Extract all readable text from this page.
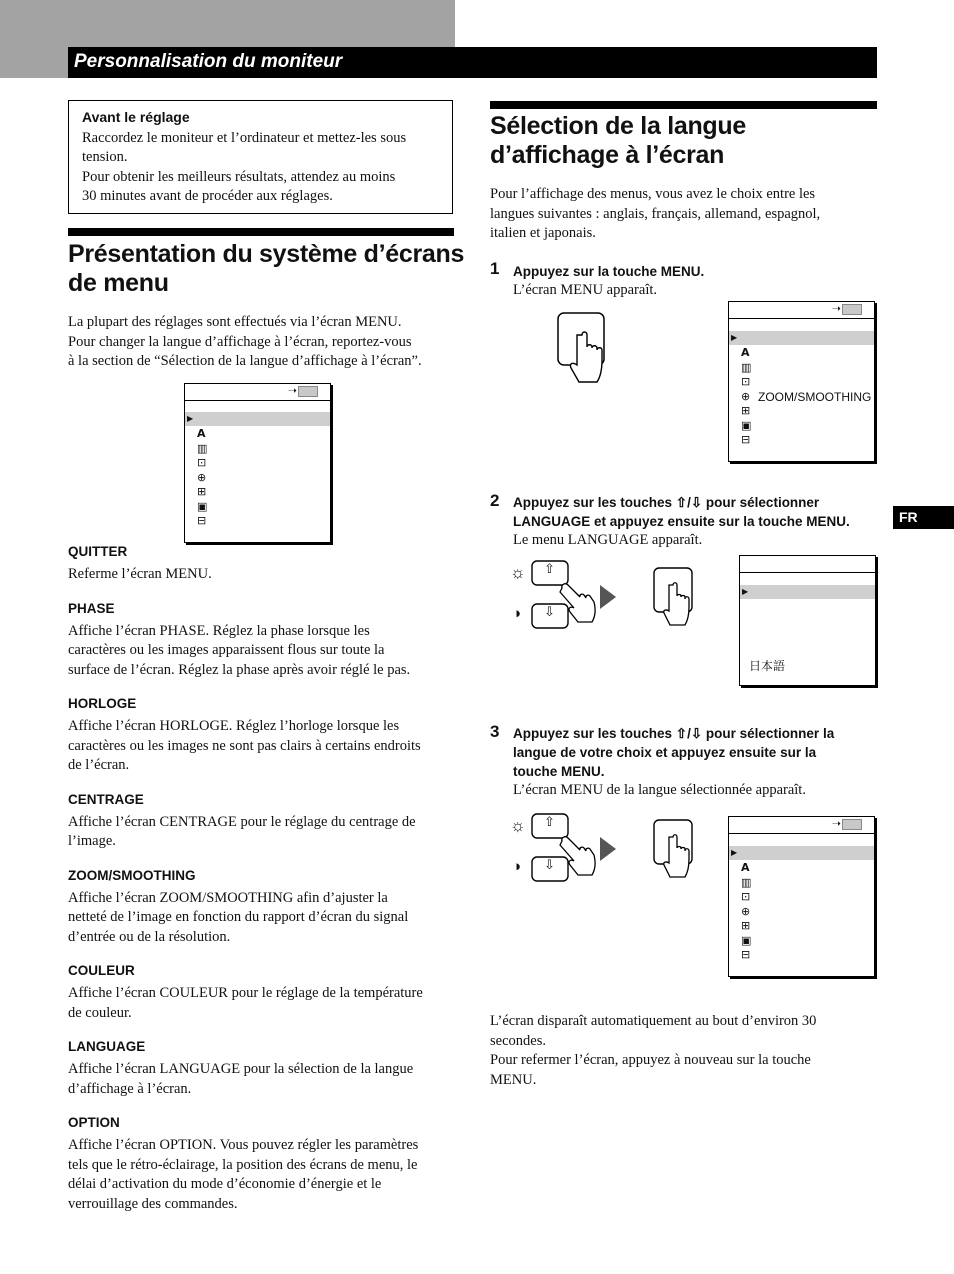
Personnalisation du moniteur
FR
Avant le réglage

Raccordez le moniteur et l’ordinateur et mettez-les sous

tension.

Pour obtenir les meilleurs résultats, attendez au moins

30 minutes avant de procéder aux réglages.

Présentation du système d’écrans
de menu

La plupart des réglages sont effectués via l’écran MENU.

Pour changer la langue d’affichage à l’écran, reportez-vous

à la section de “Sélection de la langue d’affichage à l’écran”.

➝
▶
A
▥
⊡
⊕
⊞
▣
⊟
QUITTER

Referme l’écran MENU.

PHASE

Affiche l’écran PHASE. Réglez la phase lorsque les

caractères ou les images apparaissent flous sur toute la

surface de l’écran. Réglez la phase après avoir réglé le pas.

HORLOGE

Affiche l’écran HORLOGE. Réglez l’horloge lorsque les

caractères ou les images ne sont pas clairs à certains endroits

de l’écran.

CENTRAGE

Affiche l’écran CENTRAGE pour le réglage du centrage de

l’image.

ZOOM/SMOOTHING

Affiche l’écran ZOOM/SMOOTHING afin d’ajuster la

netteté de l’image en fonction du rapport d’écran du signal

d’entrée ou de la résolution.

COULEUR

Affiche l’écran COULEUR pour le réglage de la température

de couleur.

LANGUAGE

Affiche l’écran LANGUAGE pour la sélection de la langue

d’affichage à l’écran.

OPTION

Affiche l’écran OPTION. Vous pouvez régler les paramètres

tels que le rétro-éclairage, la position des écrans de menu, le

délai d’activation du mode d’économie d’énergie et le

verrouillage des commandes.

Sélection de la langue
d’affichage à l’écran

Pour l’affichage des menus, vous avez le choix entre les

langues suivantes : anglais, français, allemand, espagnol,

italien et japonais.

1 Appuyez sur la touche MENU.

L’écran MENU apparaît.

➝
▶
A
▥
⊡
⊕ ZOOM/SMOOTHING
⊞
▣
⊟
2 Appuyez sur les touches ⇧/⇩ pour sélectionner
LANGUAGE et appuyez ensuite sur la touche MENU.

Le menu LANGUAGE apparaît.

☼
◑
⇧
⇩
▶
日本語
3 Appuyez sur les touches ⇧/⇩ pour sélectionner la
langue de votre choix et appuyez ensuite sur la
touche MENU.

L’écran MENU de la langue sélectionnée apparaît.

☼
◑
⇧
⇩
➝
▶
A
▥
⊡
⊕
⊞
▣
⊟

L’écran disparaît automatiquement au bout d’environ 30

secondes.

Pour refermer l’écran, appuyez à nouveau sur la touche

MENU.
